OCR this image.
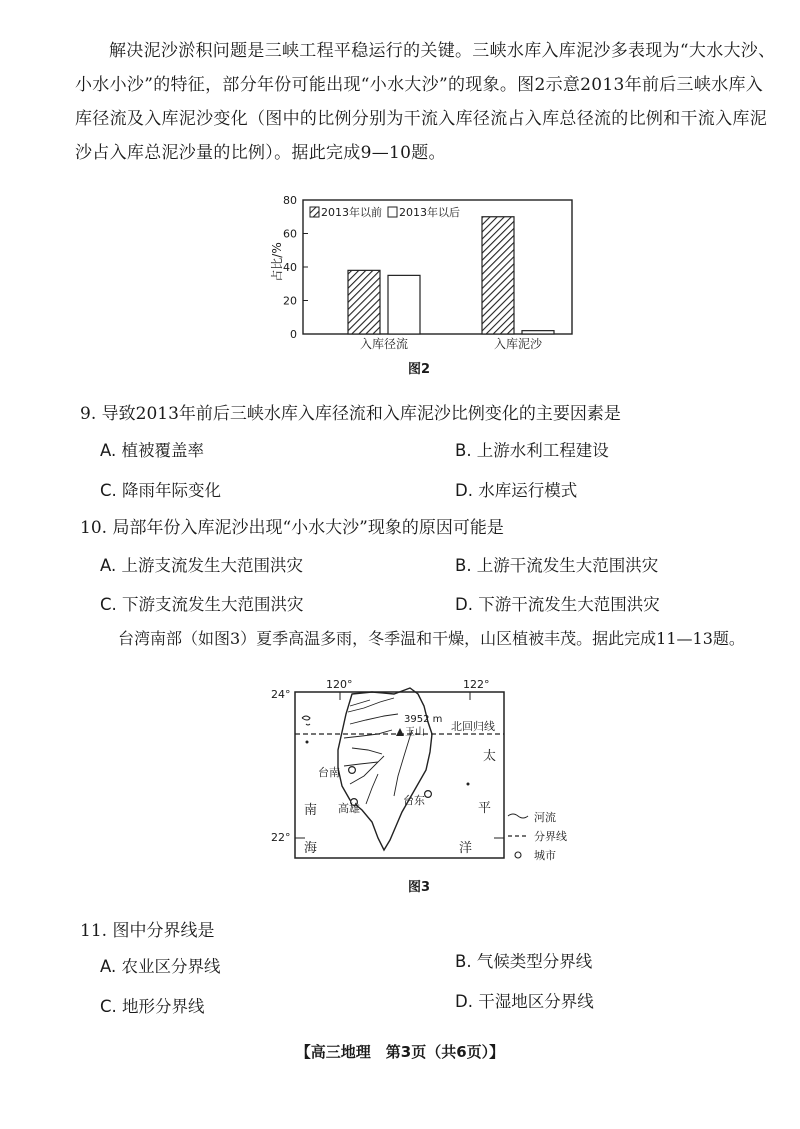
解决泥沙淤积问题是三峡工程平稳运行的关键。三峡水库入库泥沙多表现为“大水大沙、小水小沙”的特征，部分年份可能出现“小水大沙”的现象。图2示意2013年前后三峡水库入库径流及入库泥沙变化（图中的比例分别为干流入库径流占入库总径流的比例和干流入库泥沙占入库总泥沙量的比例）。据此完成9—10题。

0
20
40
60
80
入库径流	入库泥沙
2013年以前 2013年以后
占比/%

图2

9. 导致2013年前后三峡水库入库径流和入库泥沙比例变化的主要因素是

A. 植被覆盖率	B. 上游水利工程建设

C. 降雨年际变化	D. 水库运行模式

10. 局部年份入库泥沙出现“小水大沙”现象的原因可能是

A. 上游支流发生大范围洪灾	B. 上游干流发生大范围洪灾

C. 下游支流发生大范围洪灾	D. 下游干流发生大范围洪灾

台湾南部（如图3）夏季高温多雨，冬季温和干燥，山区植被丰茂。据此完成11—13题。

120°	122°
24°
22°
北回归线
3952 m
玉山
台南
高雄
台东
南
海
太
平
洋
河流
分界线
城市

图3

11. 图中分界线是

A. 农业区分界线	B. 气候类型分界线

C. 地形分界线	D. 干湿地区分界线

【高三地理　第3页（共6页）】
